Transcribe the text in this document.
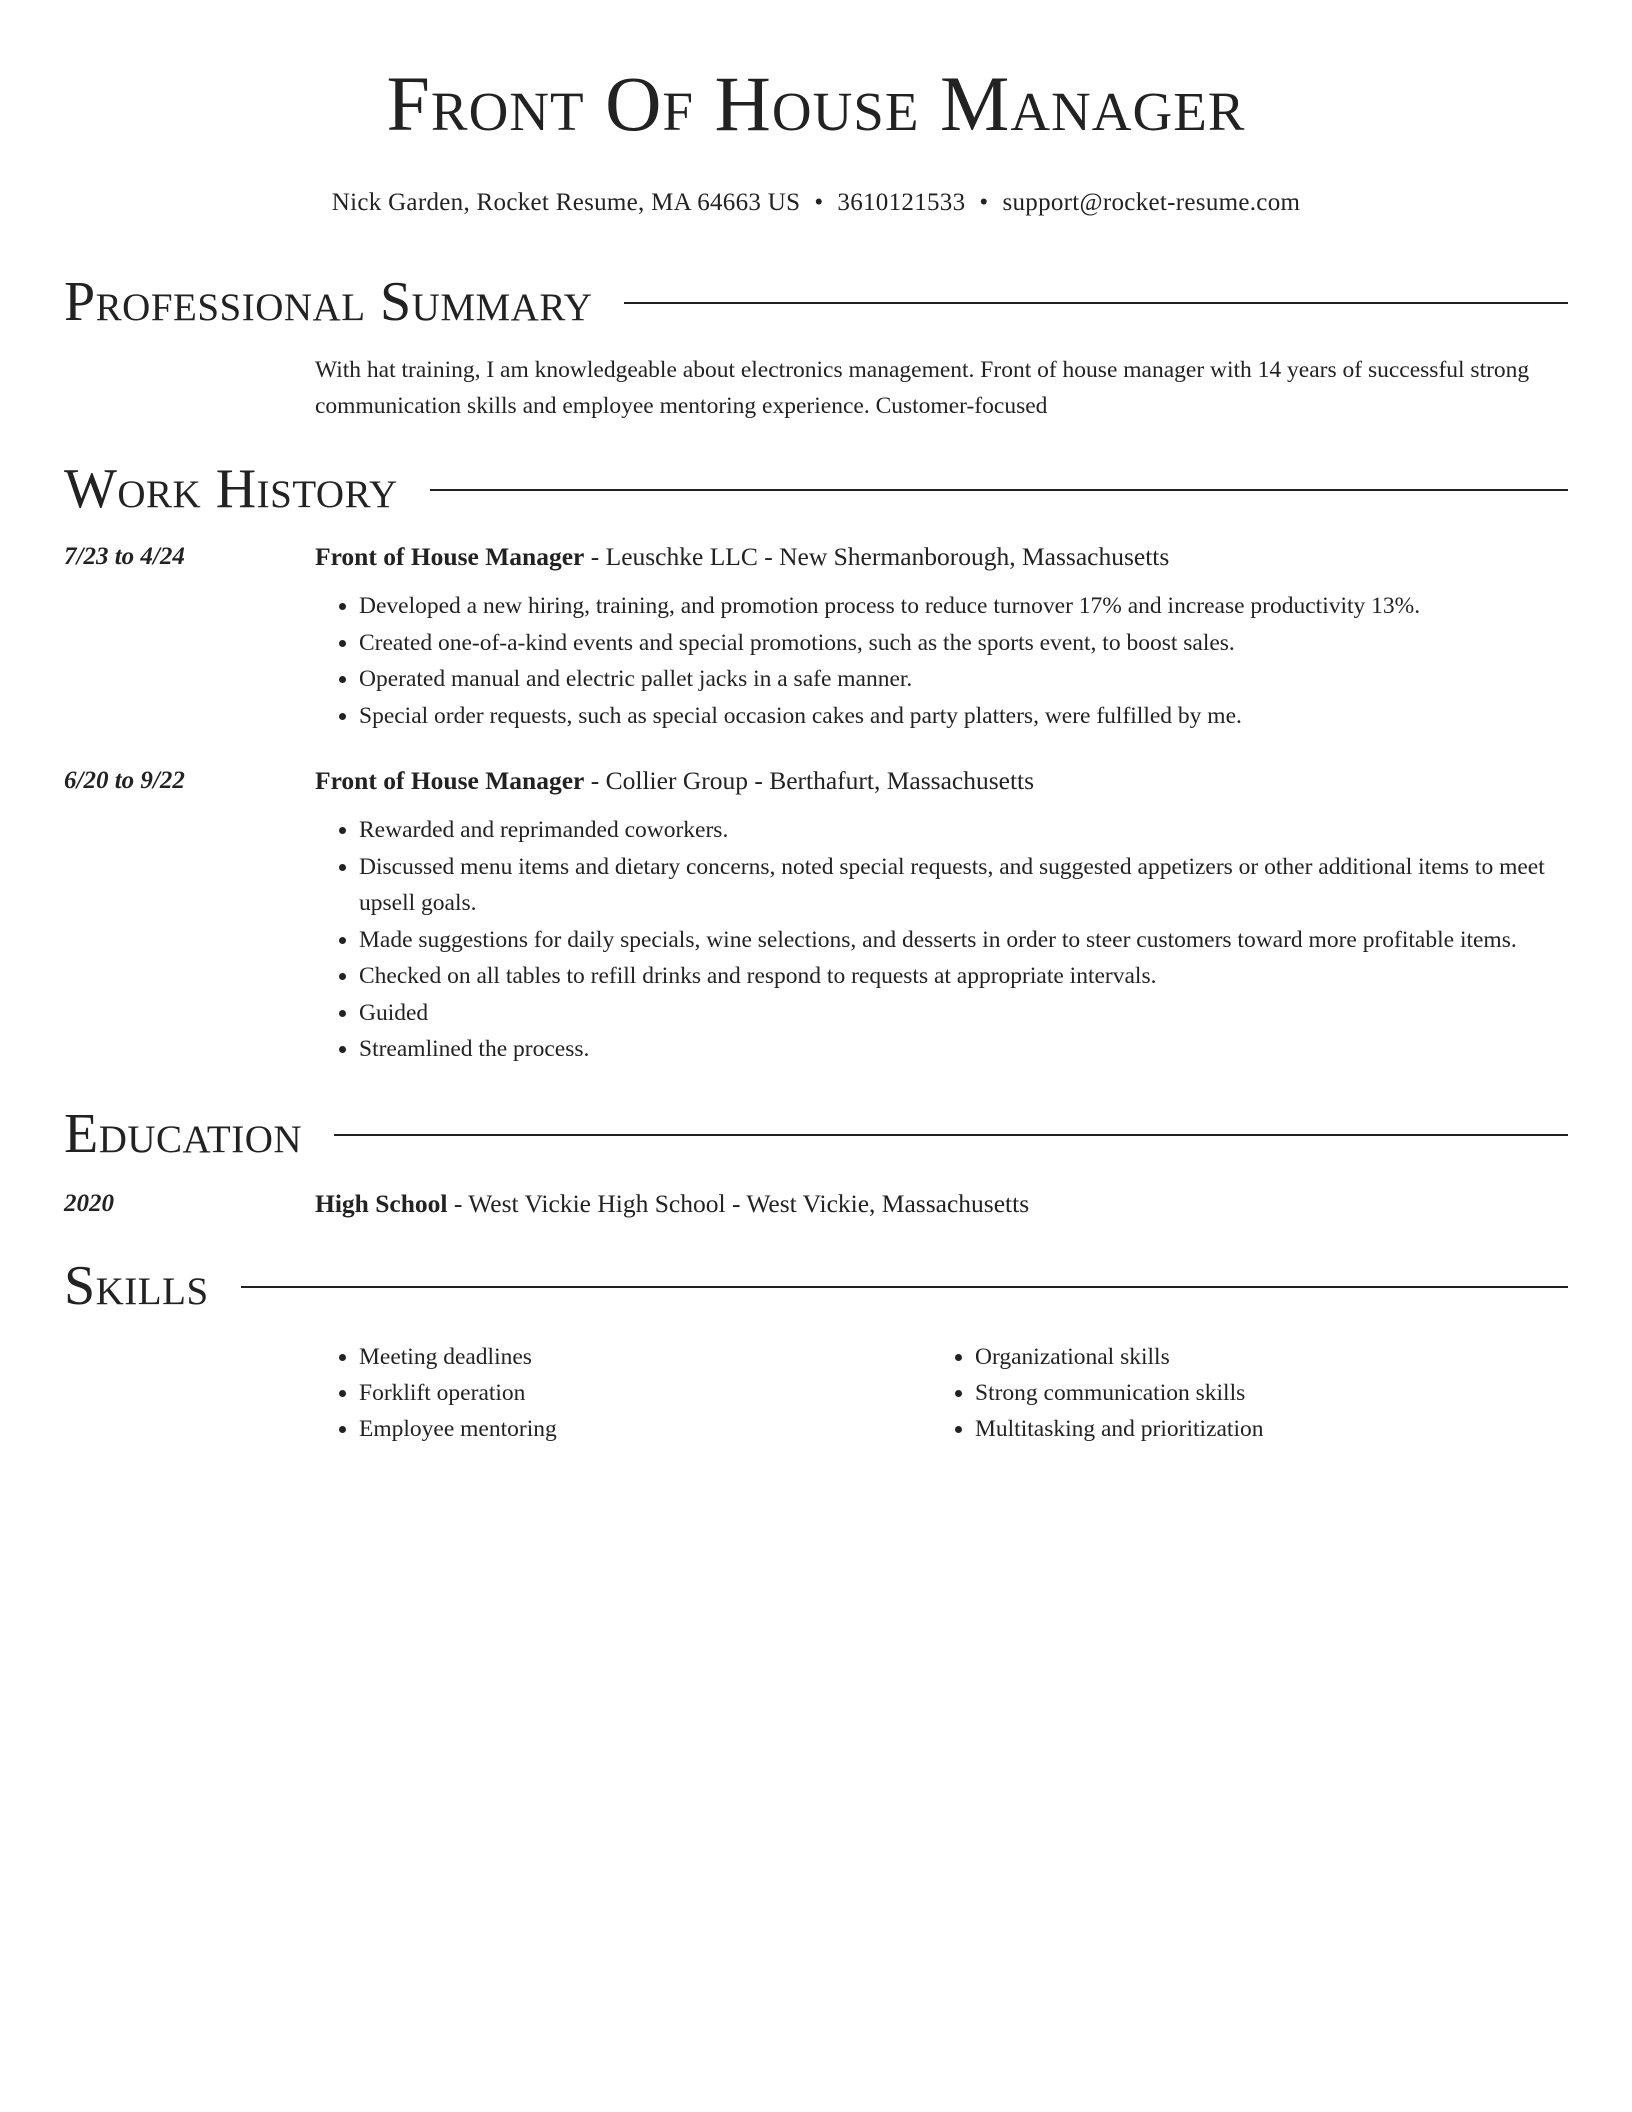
Front Of House Manager
Nick Garden, Rocket Resume, MA 64663 US • 3610121533 • support@rocket-resume.com
Professional Summary
With hat training, I am knowledgeable about electronics management. Front of house manager with 14 years of successful strong communication skills and employee mentoring experience. Customer-focused
Work History
7/23 to 4/24	Front of House Manager - Leuschke LLC - New Shermanborough, Massachusetts
• Developed a new hiring, training, and promotion process to reduce turnover 17% and increase productivity 13%.
• Created one-of-a-kind events and special promotions, such as the sports event, to boost sales.
• Operated manual and electric pallet jacks in a safe manner.
• Special order requests, such as special occasion cakes and party platters, were fulfilled by me.
6/20 to 9/22	Front of House Manager - Collier Group - Berthafurt, Massachusetts
• Rewarded and reprimanded coworkers.
• Discussed menu items and dietary concerns, noted special requests, and suggested appetizers or other additional items to meet upsell goals.
• Made suggestions for daily specials, wine selections, and desserts in order to steer customers toward more profitable items.
• Checked on all tables to refill drinks and respond to requests at appropriate intervals.
• Guided
• Streamlined the process.
Education
2020	High School - West Vickie High School - West Vickie, Massachusetts
Skills
• Meeting deadlines
• Forklift operation
• Employee mentoring
• Organizational skills
• Strong communication skills
• Multitasking and prioritization
